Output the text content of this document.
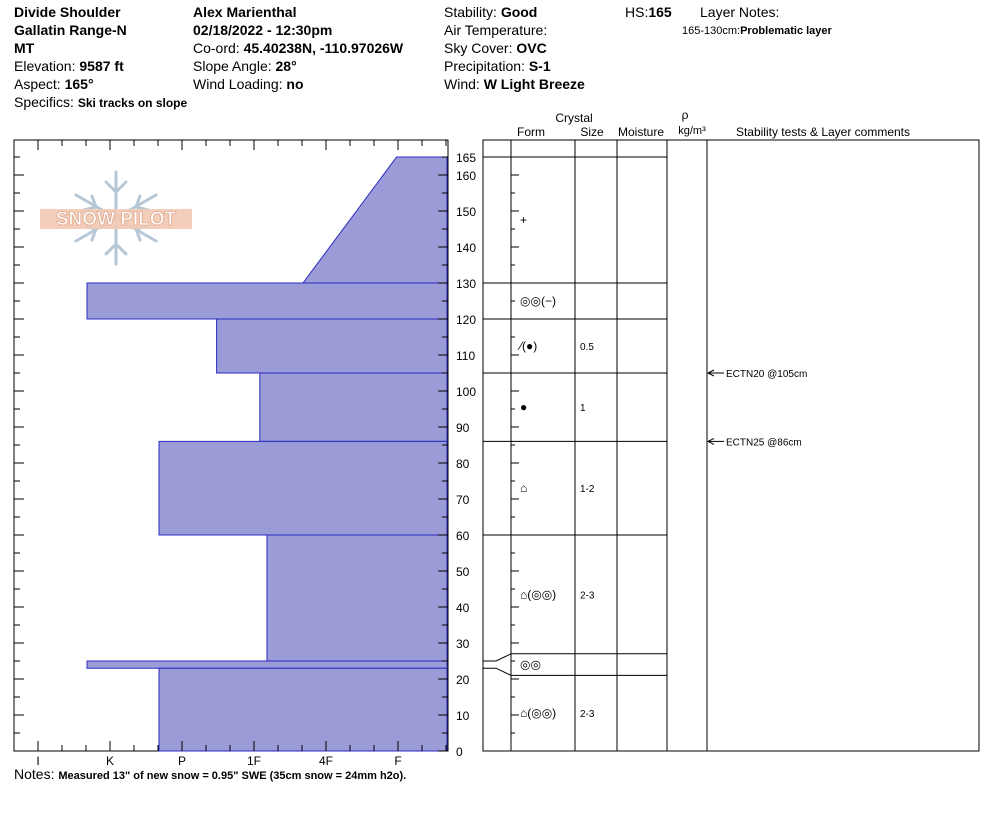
Divide Shoulder
Gallatin Range-N
MT
Elevation: 9587 ft
Aspect: 165°
Specifics: Ski tracks on slope
Alex Marienthal
02/18/2022 - 12:30pm
Co-ord: 45.40238N, -110.97026W
Slope Angle: 28°
Wind Loading: no
Stability: Good
Air Temperature:
Sky Cover: OVC
Precipitation: S-1
Wind: W Light Breeze
HS:165 Layer Notes:
165-130cm:Problematic layer
Notes: Measured 13" of new snow = 0.95" SWE (35cm snow = 24mm h2o).
SNOW PILOT
I	K	P	1F	4F	F
0
10
20
30
40
50
60
70
80
90
100
110
120
130
140
150
160
165
Crystal
Form	Size Moisture
ρ
kg/m³	Stability tests & Layer comments
+
◎◎(−)
⁄(●)	0.5
●	1
⌂	1-2
⌂(◎◎) 2-3
◎◎
⌂(◎◎) 2-3
ECTN20 @105cm
ECTN25 @86cm
